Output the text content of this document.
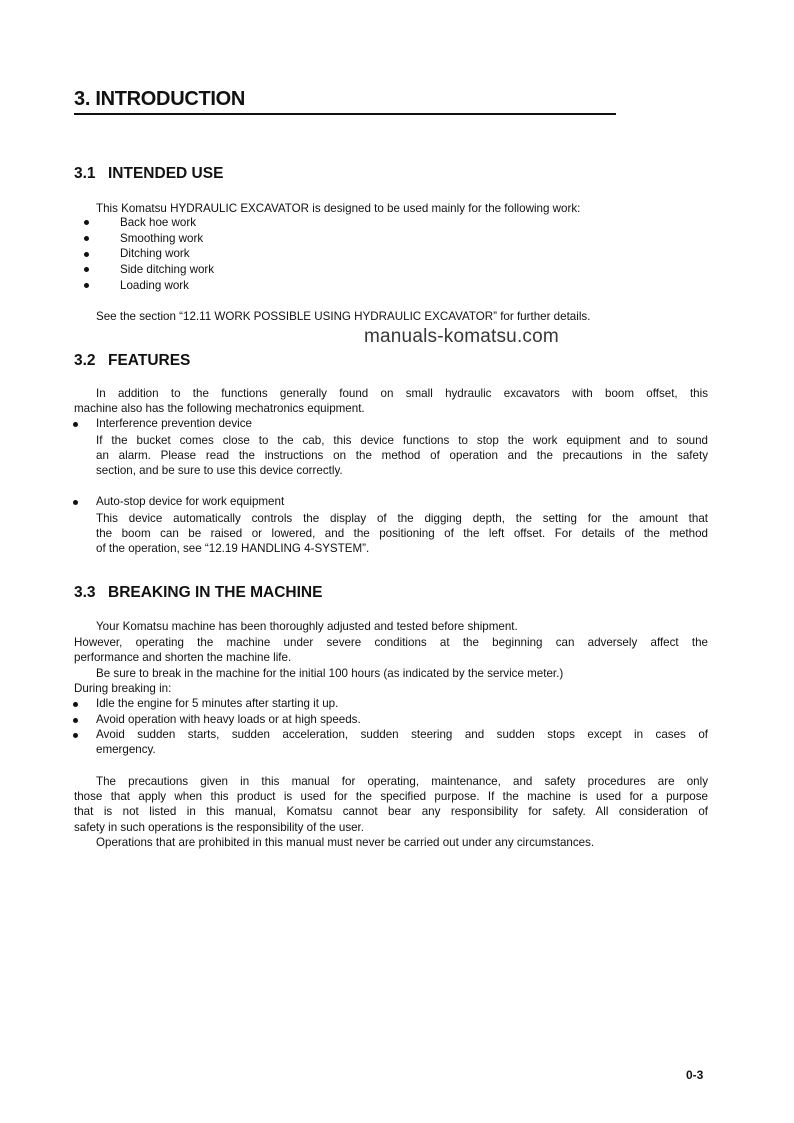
3. INTRODUCTION
3.1 INTENDED USE
This Komatsu HYDRAULIC EXCAVATOR is designed to be used mainly for the following work:
Back hoe work
Smoothing work
Ditching work
Side ditching work
Loading work
See the section “12.11 WORK POSSIBLE USING HYDRAULIC EXCAVATOR” for further details.
manuals-komatsu.com
3.2 FEATURES
In addition to the functions generally found on small hydraulic excavators with boom offset, this
machine also has the following mechatronics equipment.
Interference prevention device
If the bucket comes close to the cab, this device functions to stop the work equipment and to sound
an alarm. Please read the instructions on the method of operation and the precautions in the safety
section, and be sure to use this device correctly.
Auto-stop device for work equipment
This device automatically controls the display of the digging depth, the setting for the amount that
the boom can be raised or lowered, and the positioning of the left offset. For details of the method
of the operation, see “12.19 HANDLING 4-SYSTEM”.
3.3 BREAKING IN THE MACHINE
Your Komatsu machine has been thoroughly adjusted and tested before shipment.
However, operating the machine under severe conditions at the beginning can adversely affect the
performance and shorten the machine life.
Be sure to break in the machine for the initial 100 hours (as indicated by the service meter.)
During breaking in:
Idle the engine for 5 minutes after starting it up.
Avoid operation with heavy loads or at high speeds.
Avoid sudden starts, sudden acceleration, sudden steering and sudden stops except in cases of
emergency.
The precautions given in this manual for operating, maintenance, and safety procedures are only
those that apply when this product is used for the specified purpose. If the machine is used for a purpose
that is not listed in this manual, Komatsu cannot bear any responsibility for safety. All consideration of
safety in such operations is the responsibility of the user.
Operations that are prohibited in this manual must never be carried out under any circumstances.
0-3
